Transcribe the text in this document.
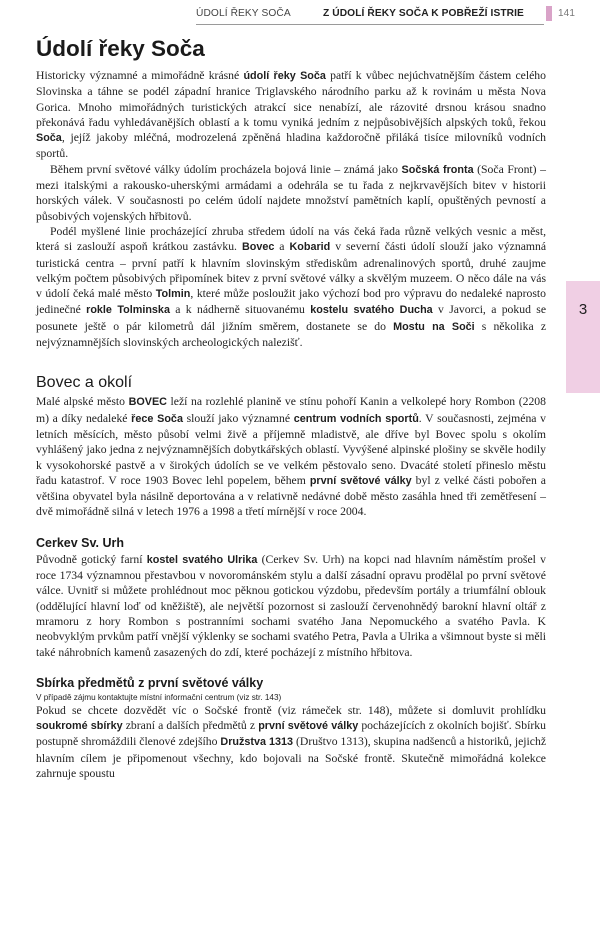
ÚDOLÍ ŘEKY SOČA	Z ÚDOLÍ ŘEKY SOČA K POBŘEŽÍ ISTRIE	141
3
Údolí řeky Soča

Historicky významné a mimořádně krásné údolí řeky Soča patří k vůbec nejúchvatnějším částem celého Slovinska a táhne se podél západní hranice Triglavského národního parku až k rovinám u města Nova Gorica. Mnoho mimořádných turistických atrakcí sice nenabízí, ale rázovité drsnou krásou snadno překonává řadu vyhledávanějších oblastí a k tomu vyniká jedním z nejpůsobivějších alpských toků, řekou Soča, jejíž jakoby mléčná, modrozelená zpěněná hladina každoročně přiláká tisíce milovníků vodních sportů.

Během první světové války údolím procházela bojová linie – známá jako Sočská fronta (Soča Front) – mezi italskými a rakousko-uherskými armádami a odehrála se tu řada z nejkrvavějších bitev v historii horských válek. V současnosti po celém údolí najdete množství pamětních kaplí, opuštěných pevností a působivých vojenských hřbitovů.

Podél myšlené linie procházející zhruba středem údolí na vás čeká řada různě velkých vesnic a měst, která si zaslouží aspoň krátkou zastávku. Bovec a Kobarid v severní části údolí slouží jako významná turistická centra – první patří k hlavním slovinským střediskům adrenalinových sportů, druhé zaujme velkým počtem působivých připomínek bitev z první světové války a skvělým muzeem. O něco dále na vás v údolí čeká malé město Tolmin, které může posloužit jako výchozí bod pro výpravu do nedaleké naprosto jedinečné rokle Tolminska a k nádherně situovanému kostelu svatého Ducha v Javorci, a pokud se posunete ještě o pár kilometrů dál jižním směrem, dostanete se do Mostu na Soči s několika z nejvýznamnějších slovinských archeologických nalezišť.

Bovec a okolí

Malé alpské město BOVEC leží na rozlehlé planině ve stínu pohoří Kanin a velkolepé hory Rombon (2208 m) a díky nedaleké řece Soča slouží jako významné centrum vodních sportů. V současnosti, zejména v letních měsících, město působí velmi živě a příjemně mladistvě, ale dříve byl Bovec spolu s okolím vyhlášený jako jedna z nejvýznamnějších dobytkářských oblastí. Vyvýšené alpinské plošiny se skvěle hodily k vysokohorské pastvě a v širokých údolích se ve velkém pěstovalo seno. Dvacáté století přineslo městu řadu katastrof. V roce 1903 Bovec lehl popelem, během první světové války byl z velké části pobořen a většina obyvatel byla násilně deportována a v relativně nedávné době město zasáhla hned tři zemětřesení – dvě mimořádně silná v letech 1976 a 1998 a třetí mírnější v roce 2004.

Cerkev Sv. Urh

Původně gotický farní kostel svatého Ulrika (Cerkev Sv. Urh) na kopci nad hlavním náměstím prošel v roce 1734 významnou přestavbou v novorománském stylu a další zásadní opravu prodělal po první světové válce. Uvnitř si můžete prohlédnout moc pěknou gotickou výzdobu, především portály a triumfální oblouk (oddělující hlavní loď od kněžiště), ale největší pozornost si zaslouží červenohnědý barokní hlavní oltář z mramoru z hory Rombon s postranními sochami svatého Jana Nepomuckého a svatého Pavla. K neobvyklým prvkům patří vnější výklenky se sochami svatého Petra, Pavla a Ulrika a všimnout byste si měli také náhrobních kamenů zasazených do zdí, které pocházejí z místního hřbitova.

Sbírka předmětů z první světové války

V případě zájmu kontaktujte místní informační centrum (viz str. 143)

Pokud se chcete dozvědět víc o Sočské frontě (viz rámeček str. 148), můžete si domluvit prohlídku soukromé sbírky zbraní a dalších předmětů z první světové války pocházejících z okolních bojišť. Sbírku postupně shromáždili členové zdejšího Družstva 1313 (Društvo 1313), skupina nadšenců a historiků, jejichž hlavním cílem je připomenout všechny, kdo bojovali na Sočské frontě. Skutečně mimořádná kolekce zahrnuje spoustu
